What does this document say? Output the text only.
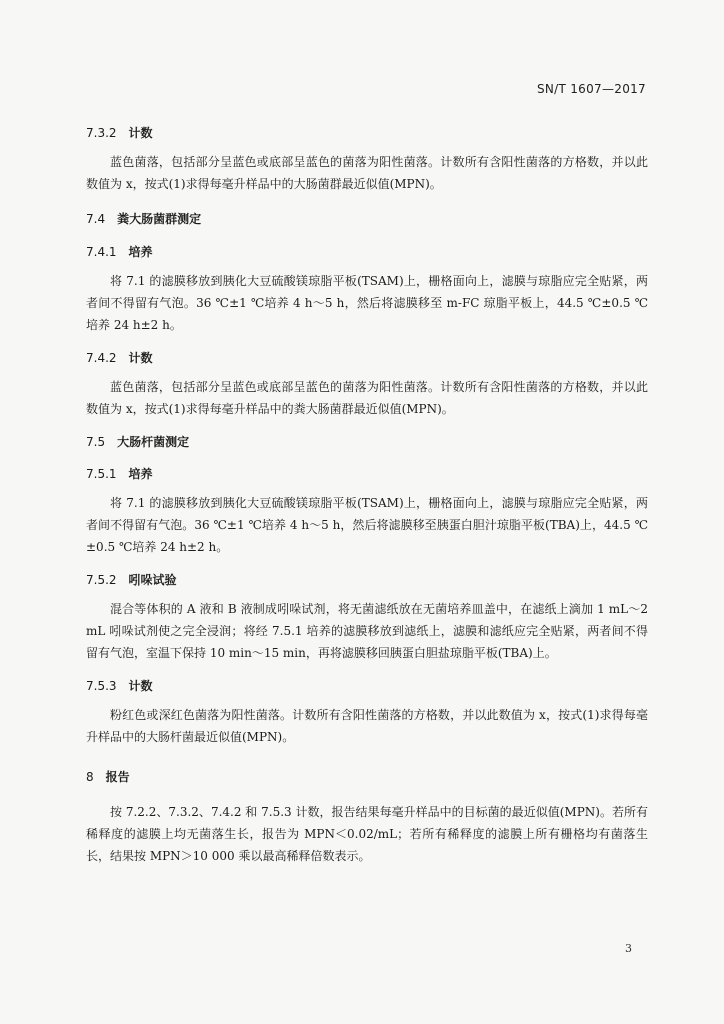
SN/T 1607—2017
7.3.2 计数

蓝色菌落，包括部分呈蓝色或底部呈蓝色的菌落为阳性菌落。计数所有含阳性菌落的方格数，并以此数值为 x，按式(1)求得每毫升样品中的大肠菌群最近似值(MPN)。

7.4 粪大肠菌群测定
7.4.1 培养

将 7.1 的滤膜移放到胰化大豆硫酸镁琼脂平板(TSAM)上，栅格面向上，滤膜与琼脂应完全贴紧，两者间不得留有气泡。36 ℃±1 ℃培养 4 h～5 h，然后将滤膜移至 m-FC 琼脂平板上，44.5 ℃±0.5 ℃培养 24 h±2 h。

7.4.2 计数

蓝色菌落，包括部分呈蓝色或底部呈蓝色的菌落为阳性菌落。计数所有含阳性菌落的方格数，并以此数值为 x，按式(1)求得每毫升样品中的粪大肠菌群最近似值(MPN)。

7.5 大肠杆菌测定
7.5.1 培养

将 7.1 的滤膜移放到胰化大豆硫酸镁琼脂平板(TSAM)上，栅格面向上，滤膜与琼脂应完全贴紧，两者间不得留有气泡。36 ℃±1 ℃培养 4 h～5 h，然后将滤膜移至胰蛋白胆汁琼脂平板(TBA)上，44.5 ℃±0.5 ℃培养 24 h±2 h。

7.5.2 吲哚试验

混合等体积的 A 液和 B 液制成吲哚试剂，将无菌滤纸放在无菌培养皿盖中，在滤纸上滴加 1 mL～2 mL 吲哚试剂使之完全浸润；将经 7.5.1 培养的滤膜移放到滤纸上，滤膜和滤纸应完全贴紧，两者间不得留有气泡，室温下保持 10 min～15 min，再将滤膜移回胰蛋白胆盐琼脂平板(TBA)上。

7.5.3 计数

粉红色或深红色菌落为阳性菌落。计数所有含阳性菌落的方格数，并以此数值为 x，按式(1)求得每毫升样品中的大肠杆菌最近似值(MPN)。

8 报告

按 7.2.2、7.3.2、7.4.2 和 7.5.3 计数，报告结果每毫升样品中的目标菌的最近似值(MPN)。若所有稀释度的滤膜上均无菌落生长，报告为 MPN＜0.02/mL；若所有稀释度的滤膜上所有栅格均有菌落生长，结果按 MPN＞10 000 乘以最高稀释倍数表示。

3
